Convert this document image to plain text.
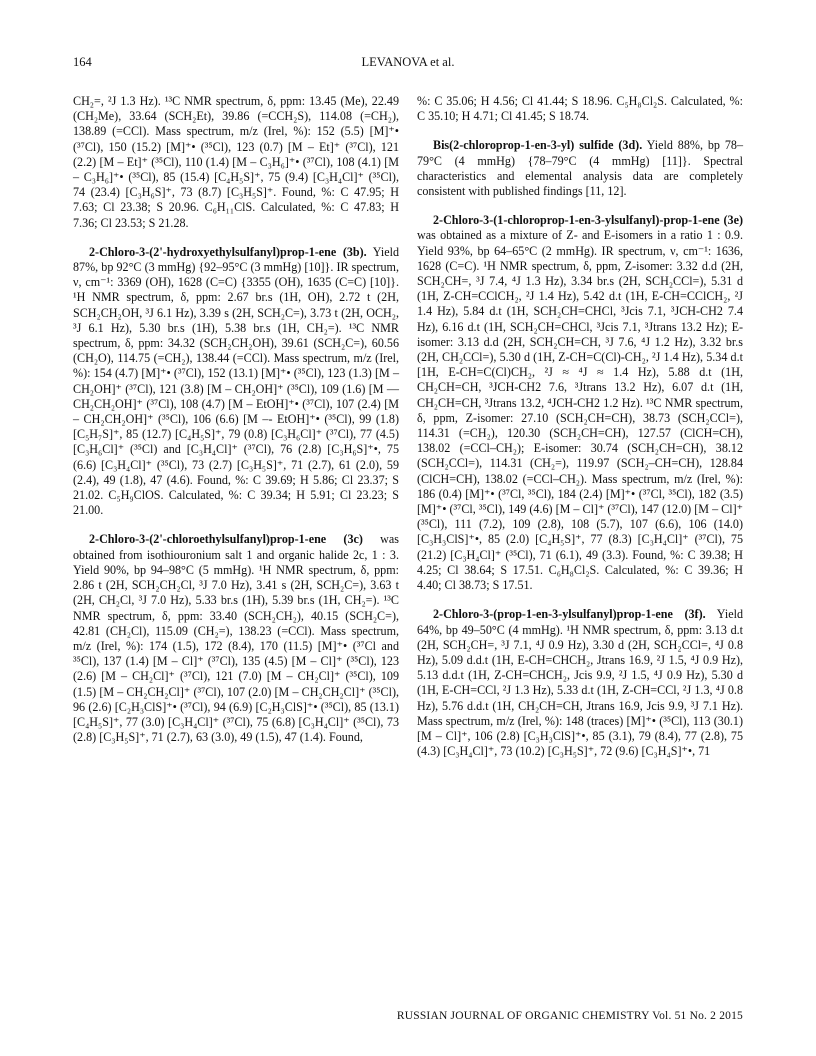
164	LEVANOVA et al.

CH₂=, ²J 1.3 Hz). ¹³C NMR spectrum, δ, ppm: 13.45 (Me), 22.49 (CH₂Me), 33.64 (SCH₂Et), 39.86 (=CCH₂S), 114.08 (=CH₂), 138.89 (=CCl). Mass spectrum, m/z (Irel, %): 152 (5.5) [M]⁺• (³⁷Cl), 150 (15.2) [M]⁺• (³⁵Cl), 123 (0.7) [M – Et]⁺ (³⁷Cl), 121 (2.2) [M – Et]⁺ (³⁵Cl), 110 (1.4) [M – C₃H₆]⁺• (³⁷Cl), 108 (4.1) [M – C₃H₆]⁺• (³⁵Cl), 85 (15.4) [C₄H₅S]⁺, 75 (9.4) [C₃H₄Cl]⁺ (³⁵Cl), 74 (23.4) [C₃H₆S]⁺, 73 (8.7) [C₃H₅S]⁺. Found, %: C 47.95; H 7.63; Cl 23.38; S 20.96. C₆H₁₁ClS. Calculated, %: C 47.83; H 7.36; Cl 23.53; S 21.28.

2-Chloro-3-(2'-hydroxyethylsulfanyl)prop-1-ene (3b). Yield 87%, bp 92°C (3 mmHg) {92–95°C (3 mmHg) [10]}. IR spectrum, ν, cm⁻¹: 3369 (OH), 1628 (C=C) {3355 (OH), 1635 (C=C) [10]}. ¹H NMR spectrum, δ, ppm: 2.67 br.s (1H, OH), 2.72 t (2H, SCH₂CH₂OH, ³J 6.1 Hz), 3.39 s (2H, SCH₂C=), 3.73 t (2H, OCH₂, ³J 6.1 Hz), 5.30 br.s (1H), 5.38 br.s (1H, CH₂=). ¹³C NMR spectrum, δ, ppm: 34.32 (SCH₂CH₂OH), 39.61 (SCH₂C=), 60.56 (CH₂O), 114.75 (=CH₂), 138.44 (=CCl). Mass spectrum, m/z (Irel, %): 154 (4.7) [M]⁺• (³⁷Cl), 152 (13.1) [M]⁺• (³⁵Cl), 123 (1.3) [M – CH₂OH]⁺ (³⁷Cl), 121 (3.8) [M – CH₂OH]⁺ (³⁵Cl), 109 (1.6) [M — CH₂CH₂OH]⁺ (³⁷Cl), 108 (4.7) [M – EtOH]⁺• (³⁷Cl), 107 (2.4) [M – CH₂CH₂OH]⁺ (³⁵Cl), 106 (6.6) [M –- EtOH]⁺• (³⁵Cl), 99 (1.8) [C₅H₇S]⁺, 85 (12.7) [C₄H₅S]⁺, 79 (0.8) [C₃H₆Cl]⁺ (³⁷Cl), 77 (4.5) [C₃H₆Cl]⁺ (³⁵Cl) and [C₃H₄Cl]⁺ (³⁷Cl), 76 (2.8) [C₃H₆S]⁺•, 75 (6.6) [C₃H₄Cl]⁺ (³⁵Cl), 73 (2.7) [C₃H₅S]⁺, 71 (2.7), 61 (2.0), 59 (2.4), 49 (1.8), 47 (4.6). Found, %: C 39.69; H 5.86; Cl 23.37; S 21.02. C₅H₉ClOS. Calculated, %: C 39.34; H 5.91; Cl 23.23; S 21.00.

2-Chloro-3-(2'-chloroethylsulfanyl)prop-1-ene (3c) was obtained from isothiouronium salt 1 and organic halide 2c, 1 : 3. Yield 90%, bp 94–98°C (5 mmHg). ¹H NMR spectrum, δ, ppm: 2.86 t (2H, SCH₂CH₂Cl, ³J 7.0 Hz), 3.41 s (2H, SCH₂C=), 3.63 t (2H, CH₂Cl, ³J 7.0 Hz), 5.33 br.s (1H), 5.39 br.s (1H, CH₂=). ¹³C NMR spectrum, δ, ppm: 33.40 (SCH₂CH₂), 40.15 (SCH₂C=), 42.81 (CH₂Cl), 115.09 (CH₂=), 138.23 (=CCl). Mass spectrum, m/z (Irel, %): 174 (1.5), 172 (8.4), 170 (11.5) [M]⁺• (³⁷Cl and ³⁵Cl), 137 (1.4) [M – Cl]⁺ (³⁷Cl), 135 (4.5) [M – Cl]⁺ (³⁵Cl), 123 (2.6) [M – CH₂Cl]⁺ (³⁷Cl), 121 (7.0) [M – CH₂Cl]⁺ (³⁵Cl), 109 (1.5) [M – CH₂CH₂Cl]⁺ (³⁷Cl), 107 (2.0) [M – CH₂CH₂Cl]⁺ (³⁵Cl), 96 (2.6) [C₂H₃ClS]⁺• (³⁷Cl), 94 (6.9) [C₂H₃ClS]⁺• (³⁵Cl), 85 (13.1) [C₄H₅S]⁺, 77 (3.0) [C₃H₄Cl]⁺ (³⁷Cl), 75 (6.8) [C₃H₄Cl]⁺ (³⁵Cl), 73 (2.8) [C₃H₅S]⁺, 71 (2.7), 63 (3.0), 49 (1.5), 47 (1.4). Found,

%: C 35.06; H 4.56; Cl 41.44; S 18.96. C₅H₈Cl₂S. Calculated, %: C 35.10; H 4.71; Cl 41.45; S 18.74.

Bis(2-chloroprop-1-en-3-yl) sulfide (3d). Yield 88%, bp 78–79°C (4 mmHg) {78–79°C (4 mmHg) [11]}. Spectral characteristics and elemental analysis data are completely consistent with published findings [11, 12].

2-Chloro-3-(1-chloroprop-1-en-3-ylsulfanyl)-prop-1-ene (3e) was obtained as a mixture of Z- and E-isomers in a ratio 1 : 0.9. Yield 93%, bp 64–65°C (2 mmHg). IR spectrum, ν, cm⁻¹: 1636, 1628 (C=C). ¹H NMR spectrum, δ, ppm, Z-isomer: 3.32 d.d (2H, SCH₂CH=, ³J 7.4, ⁴J 1.3 Hz), 3.34 br.s (2H, SCH₂CCl=), 5.31 d (1H, Z-CH=CClCH₂, ²J 1.4 Hz), 5.42 d.t (1H, E-CH=CClCH₂, ²J 1.4 Hz), 5.84 d.t (1H, SCH₂CH=CHCl, ³Jcis 7.1, ³JCH-CH2 7.4 Hz), 6.16 d.t (1H, SCH₂CH=CHCl, ³Jcis 7.1, ³Jtrans 13.2 Hz); E-isomer: 3.13 d.d (2H, SCH₂CH=CH, ³J 7.6, ⁴J 1.2 Hz), 3.32 br.s (2H, CH₂CCl=), 5.30 d (1H, Z-CH=C(Cl)-CH₂, ²J 1.4 Hz), 5.34 d.t [1H, E-CH=C(Cl)CH₂, ²J ≈ ⁴J ≈ 1.4 Hz), 5.88 d.t (1H, CH₂CH=CH, ³JCH-CH2 7.6, ³Jtrans 13.2 Hz), 6.07 d.t (1H, CH₂CH=CH, ³Jtrans 13.2, ⁴JCH-CH2 1.2 Hz). ¹³C NMR spectrum, δ, ppm, Z-isomer: 27.10 (SCH₂CH=CH), 38.73 (SCH₂CCl=), 114.31 (=CH₂), 120.30 (SCH₂CH=CH), 127.57 (ClCH=CH), 138.02 (=CCl–CH₂); E-isomer: 30.74 (SCH₂CH=CH), 38.12 (SCH₂CCl=), 114.31 (CH₂=), 119.97 (SCH₂–CH=CH), 128.84 (ClCH=CH), 138.02 (=CCl–CH₂). Mass spectrum, m/z (Irel, %): 186 (0.4) [M]⁺• (³⁷Cl, ³⁵Cl), 184 (2.4) [M]⁺• (³⁷Cl, ³⁵Cl), 182 (3.5) [M]⁺• (³⁷Cl, ³⁵Cl), 149 (4.6) [M – Cl]⁺ (³⁷Cl), 147 (12.0) [M – Cl]⁺ (³⁵Cl), 111 (7.2), 109 (2.8), 108 (5.7), 107 (6.6), 106 (14.0) [C₃H₃ClS]⁺•, 85 (2.0) [C₄H₅S]⁺, 77 (8.3) [C₃H₄Cl]⁺ (³⁷Cl), 75 (21.2) [C₃H₄Cl]⁺ (³⁵Cl), 71 (6.1), 49 (3.3). Found, %: C 39.38; H 4.25; Cl 38.64; S 17.51. C₆H₈Cl₂S. Calculated, %: C 39.36; H 4.40; Cl 38.73; S 17.51.

2-Chloro-3-(prop-1-en-3-ylsulfanyl)prop-1-ene (3f). Yield 64%, bp 49–50°C (4 mmHg). ¹H NMR spectrum, δ, ppm: 3.13 d.t (2H, SCH₂CH=, ³J 7.1, ⁴J 0.9 Hz), 3.30 d (2H, SCH₂CCl=, ⁴J 0.8 Hz), 5.09 d.d.t (1H, E-CH=CHCH₂, Jtrans 16.9, ²J 1.5, ⁴J 0.9 Hz), 5.13 d.d.t (1H, Z-CH=CHCH₂, Jcis 9.9, ²J 1.5, ⁴J 0.9 Hz), 5.30 d (1H, E-CH=CCl, ²J 1.3 Hz), 5.33 d.t (1H, Z-CH=CCl, ²J 1.3, ⁴J 0.8 Hz), 5.76 d.d.t (1H, CH₂CH=CH, Jtrans 16.9, Jcis 9.9, ³J 7.1 Hz). Mass spectrum, m/z (Irel, %): 148 (traces) [M]⁺• (³⁵Cl), 113 (30.1) [M – Cl]⁺, 106 (2.8) [C₃H₃ClS]⁺•, 85 (3.1), 79 (8.4), 77 (2.8), 75 (4.3) [C₃H₄Cl]⁺, 73 (10.2) [C₃H₅S]⁺, 72 (9.6) [C₃H₄S]⁺•, 71

RUSSIAN JOURNAL OF ORGANIC CHEMISTRY Vol. 51 No. 2 2015
